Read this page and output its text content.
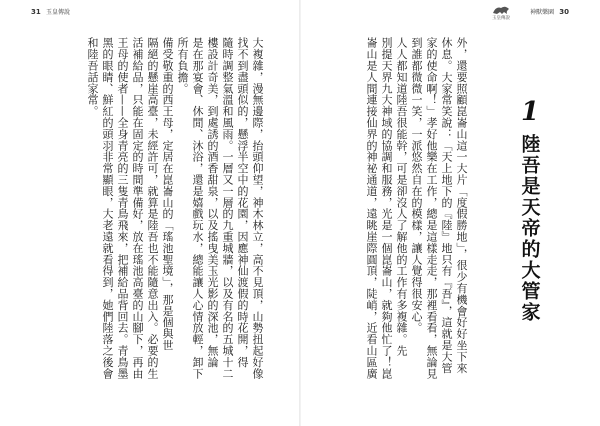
31 玉皇傳說
玉皇傳說
神獸樂園 30
外，還要照顧崑崙山這一大片「度假勝地」，很少有機會好好坐下來
休息。大家常笑說：「天上地下的『陸』地只有『吾』，這就是大管
家的使命啊！」孝好他樂在工作，總是這樣走走，那裡看看，無論見
到誰都微微一笑，一派悠然自在的模樣，讓人覺得很安心。
人人都知道陸吾很能幹，可是卻沒人了解他的工作有多複雜。先
別提天界九大神域的協調和服務，光是一個崑崙山，就夠他忙了！崑
崙山是人間連接仙界的神祕通道，遠眺崖際圓頂，陡峭，近看山區廣
大複雜，漫無邊際，抬頭仰望，神木林立，高不見頂，山勢扭起好像
找不到盡頭似的，懸浮半空中的花園，因應神仙渡假的時花開，得
隨時調整氣溫和風雨。一層又一層的九重城牆，以及有名的五城十二
樓設計奇美，到處誘的酒香甜泉，以及搖曳美玉光影的深池，無論
是在那宴會、休閒、沐浴，還是嬉戲玩水，總能讓人心情放輕，卸下
所有負擔。
備受敬重的西王母，定居在崑崙山的「瑤池聖境」，那是個與世
隔絕的懸崖高臺，未經許可，就算是陸吾也不能隨意出入。必要的生
活補給品，只能在固定的時間準備好，放在瑤池高臺的山腳下，再由
王母的使者——全身青亮的三隻青鳥飛來，把補給品背回去。青鳥墨
黑的眼睛、鮮紅的頭羽非常顯眼，大老遠就看得到，她們陸落之後會
和陸吾話家常。	1
陸吾是天帝的大管家
